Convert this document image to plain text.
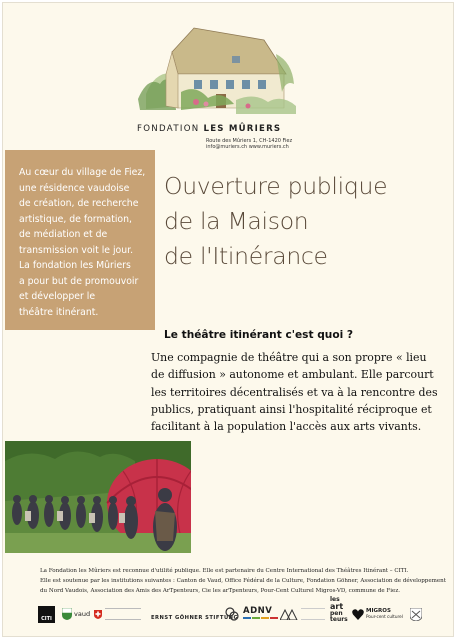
FONDATION LES MÛRIERS
Route des Mûriers 1, CH-1420 Fiez
info@muriers.ch www.muriers.ch
Au cœur du village de Fiez,
une résidence vaudoise
de création, de recherche
artistique, de formation,
de médiation et de
transmission voit le jour.
La fondation les Mûriers
a pour but de promouvoir
et développer le
théâtre itinérant.
Ouverture publique
de la Maison
de l'Itinérance
Le théâtre itinérant c'est quoi ?
Une compagnie de théâtre qui a son propre « lieu
de diffusion » autonome et ambulant. Elle parcourt
les territoires décentralisés et va à la rencontre des
publics, pratiquant ainsi l'hospitalité réciproque et
facilitant à la population l'accès aux arts vivants.
La Fondation les Mûriers est reconnue d'utilité publique. Elle est partenaire du Centre International des Théâtres Itinérant – CITI.
Elle est soutenue par les institutions suivantes : Canton de Vaud, Office Fédéral de la Culture, Fondation Göhner, Association de développement
du Nord Vaudois, Association des Amis des ArTpenteurs, Cie les arTpenteurs, Pour-Cent Culturel Migros-VD, commune de Fiez.
CITI
vaud	ERNST GÖHNER STIFTUNG
ADNV
les
art
pen
teurs
MIGROS
Pour-cent culturel
